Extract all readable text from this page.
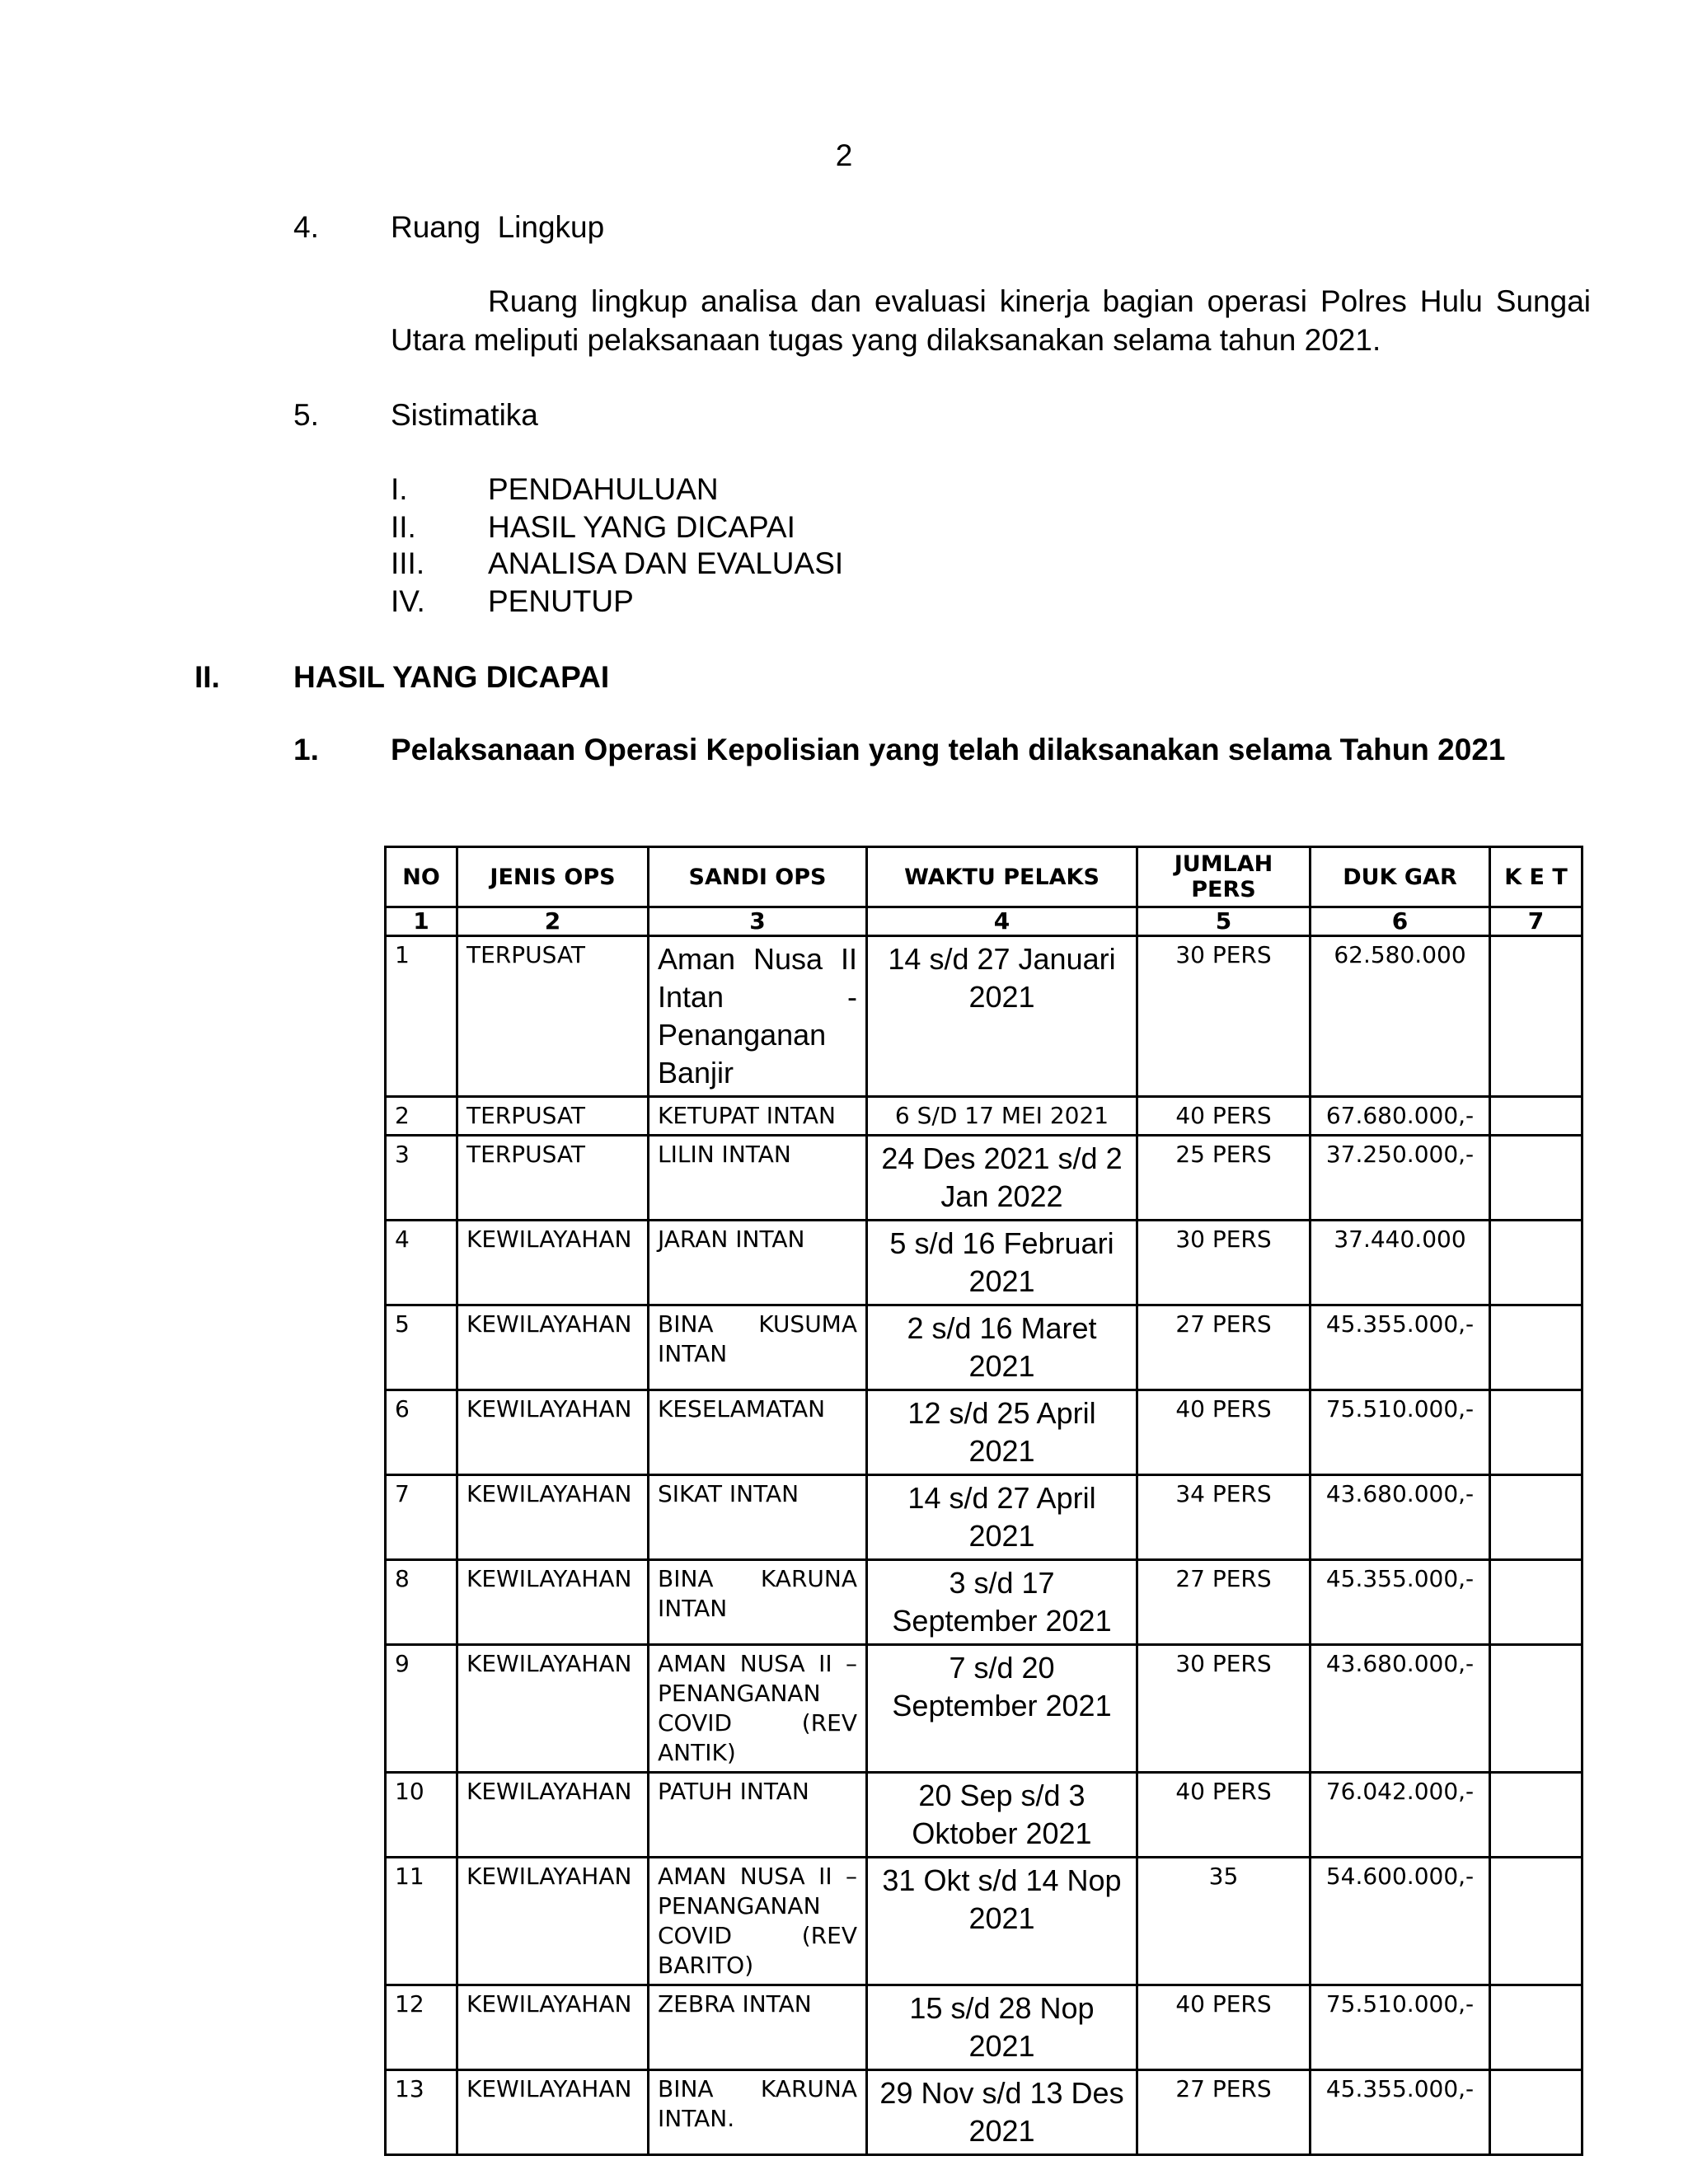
2
4. Ruang  Lingkup
Ruang lingkup analisa dan evaluasi kinerja bagian operasi Polres Hulu Sungai Utara meliputi pelaksanaan tugas yang dilaksanakan selama tahun 2021.
5. Sistimatika
I.	PENDAHULUAN
II. HASIL YANG DICAPAI
III. ANALISA DAN EVALUASI
IV. PENUTUP
II. HASIL YANG DICAPAI
1. Pelaksanaan Operasi Kepolisian yang telah dilaksanakan selama Tahun 2021
NO	JENIS OPS	SANDI OPS	WAKTU PELAKS	JUMLAH PERS	DUK GAR	K E T
1	2	3	4	5	6	7
1	TERPUSAT	Aman Nusa II Intan - Penanganan Banjir	14 s/d 27 Januari 2021	30 PERS	62.580.000	
2	TERPUSAT	KETUPAT INTAN	6 S/D 17 MEI 2021	40 PERS	67.680.000,-	
3	TERPUSAT	LILIN INTAN	24 Des 2021 s/d 2 Jan 2022	25 PERS	37.250.000,-	
4	KEWILAYAHAN	JARAN INTAN	5 s/d 16 Februari 2021	30 PERS	37.440.000	
5	KEWILAYAHAN	BINA KUSUMA INTAN	2 s/d 16 Maret 2021	27 PERS	45.355.000,-	
6	KEWILAYAHAN	KESELAMATAN	12 s/d 25 April 2021	40 PERS	75.510.000,-	
7	KEWILAYAHAN	SIKAT INTAN	14 s/d 27 April 2021	34 PERS	43.680.000,-	
8	KEWILAYAHAN	BINA KARUNA INTAN	3 s/d 17 September 2021	27 PERS	45.355.000,-	
9	KEWILAYAHAN	AMAN NUSA II – PENANGANAN COVID (REV ANTIK)	7 s/d 20 September 2021	30 PERS	43.680.000,-	
10	KEWILAYAHAN	PATUH INTAN	20 Sep s/d 3 Oktober 2021	40 PERS	76.042.000,-	
11	KEWILAYAHAN	AMAN NUSA II – PENANGANAN COVID (REV BARITO)	31 Okt s/d 14 Nop 2021	35	54.600.000,-	
12	KEWILAYAHAN	ZEBRA INTAN	15 s/d 28 Nop 2021	40 PERS	75.510.000,-	
13	KEWILAYAHAN	BINA KARUNA INTAN.	29 Nov s/d 13 Des 2021	27 PERS	45.355.000,-	
